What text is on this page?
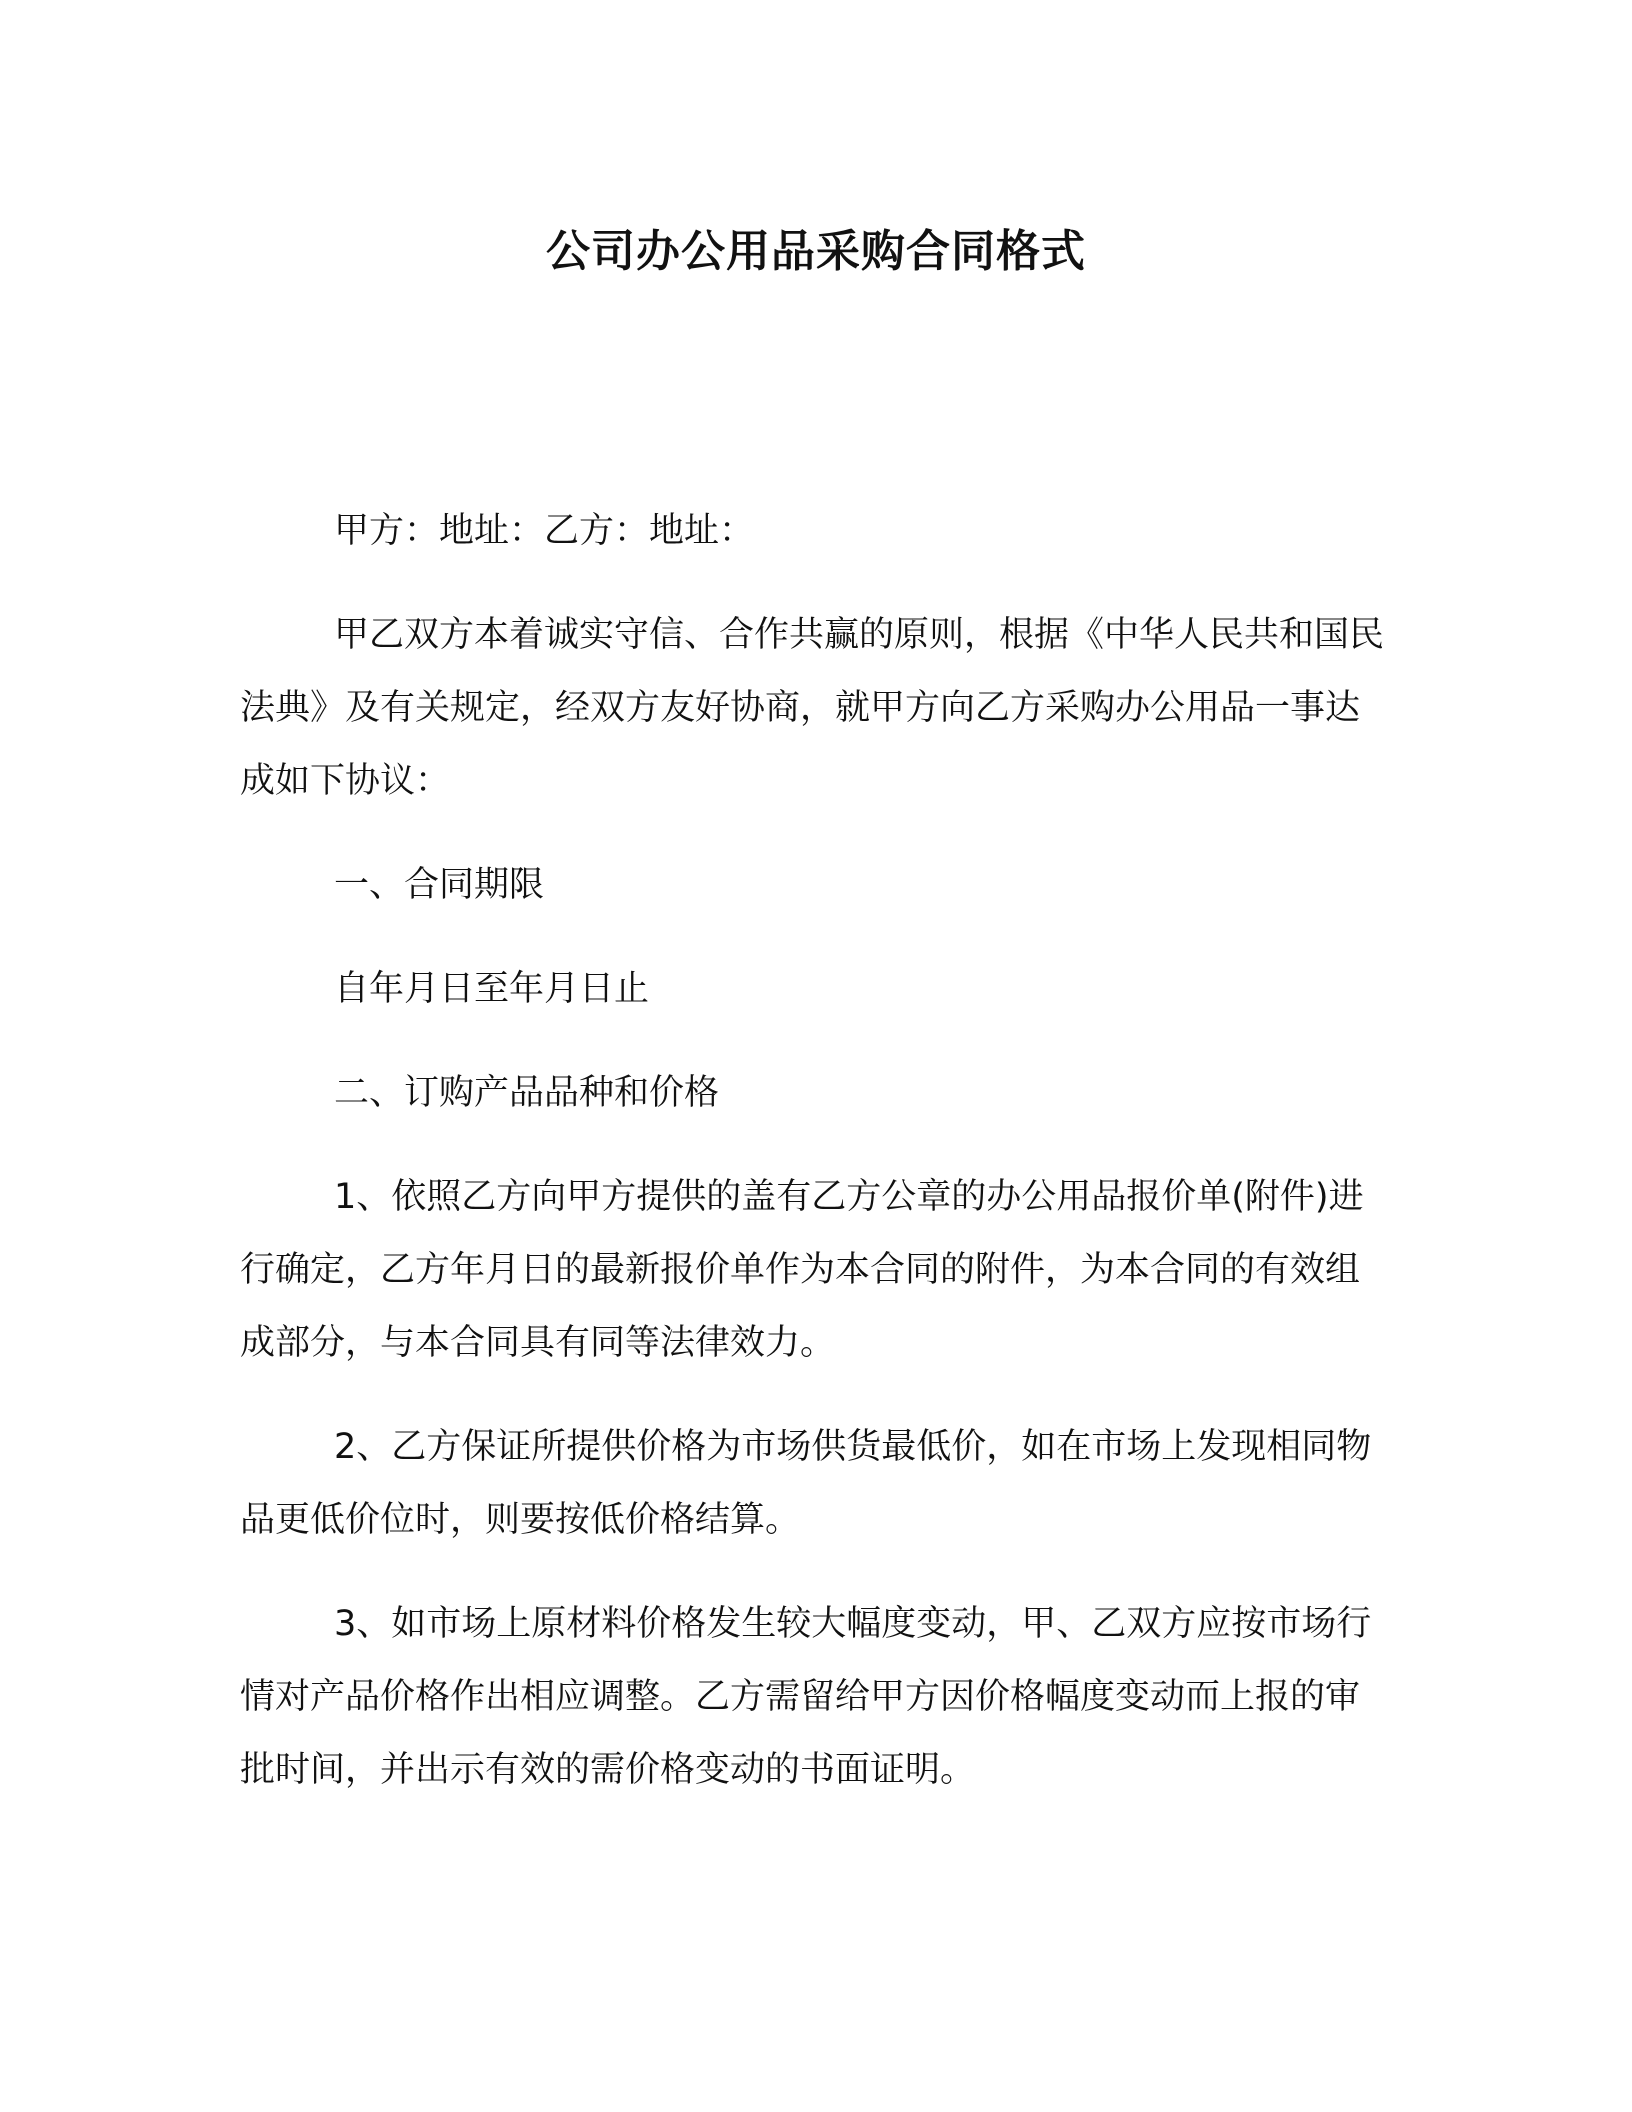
公司办公用品采购合同格式

甲方：地址：乙方：地址：

甲乙双方本着诚实守信、合作共赢的原则，根据《中华人民共和国民法典》及有关规定，经双方友好协商，就甲方向乙方采购办公用品一事达成如下协议：

一、合同期限

自年月日至年月日止

二、订购产品品种和价格

1、依照乙方向甲方提供的盖有乙方公章的办公用品报价单(附件)进行确定，乙方年月日的最新报价单作为本合同的附件，为本合同的有效组成部分，与本合同具有同等法律效力。

2、乙方保证所提供价格为市场供货最低价，如在市场上发现相同物品更低价位时，则要按低价格结算。

3、如市场上原材料价格发生较大幅度变动，甲、乙双方应按市场行情对产品价格作出相应调整。乙方需留给甲方因价格幅度变动而上报的审批时间，并出示有效的需价格变动的书面证明。
